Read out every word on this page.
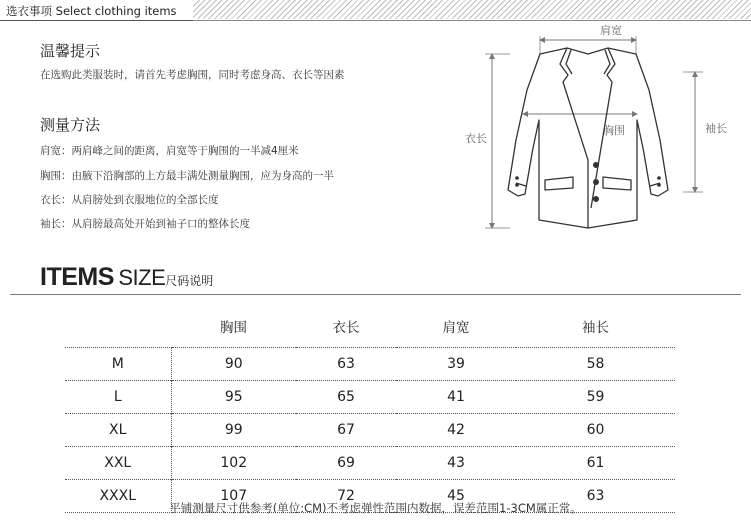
选衣事项 Select clothing items
温馨提示
在选购此类服装时，请首先考虑胸围，同时考虑身高、衣长等因素
测量方法
肩宽：两肩峰之间的距离，肩宽等于胸围的一半减4厘米
胸围：由腋下沿胸部的上方最丰满处测量胸围，应为身高的一半
衣长：从肩膀处到衣服地位的全部长度
袖长：从肩膀最高处开始到袖子口的整体长度
肩宽
衣长
袖长
胸围
ITEMS SIZE尺码说明
	胸围	衣长	肩宽	袖长
M	90	63	39	58
L	95	65	41	59
XL	99	67	42	60
XXL	102	69	43	61
XXXL	107	72	45	63
平铺测量尺寸供参考(单位:CM)不考虑弹性范围内数据，误差范围1-3CM属正常。
